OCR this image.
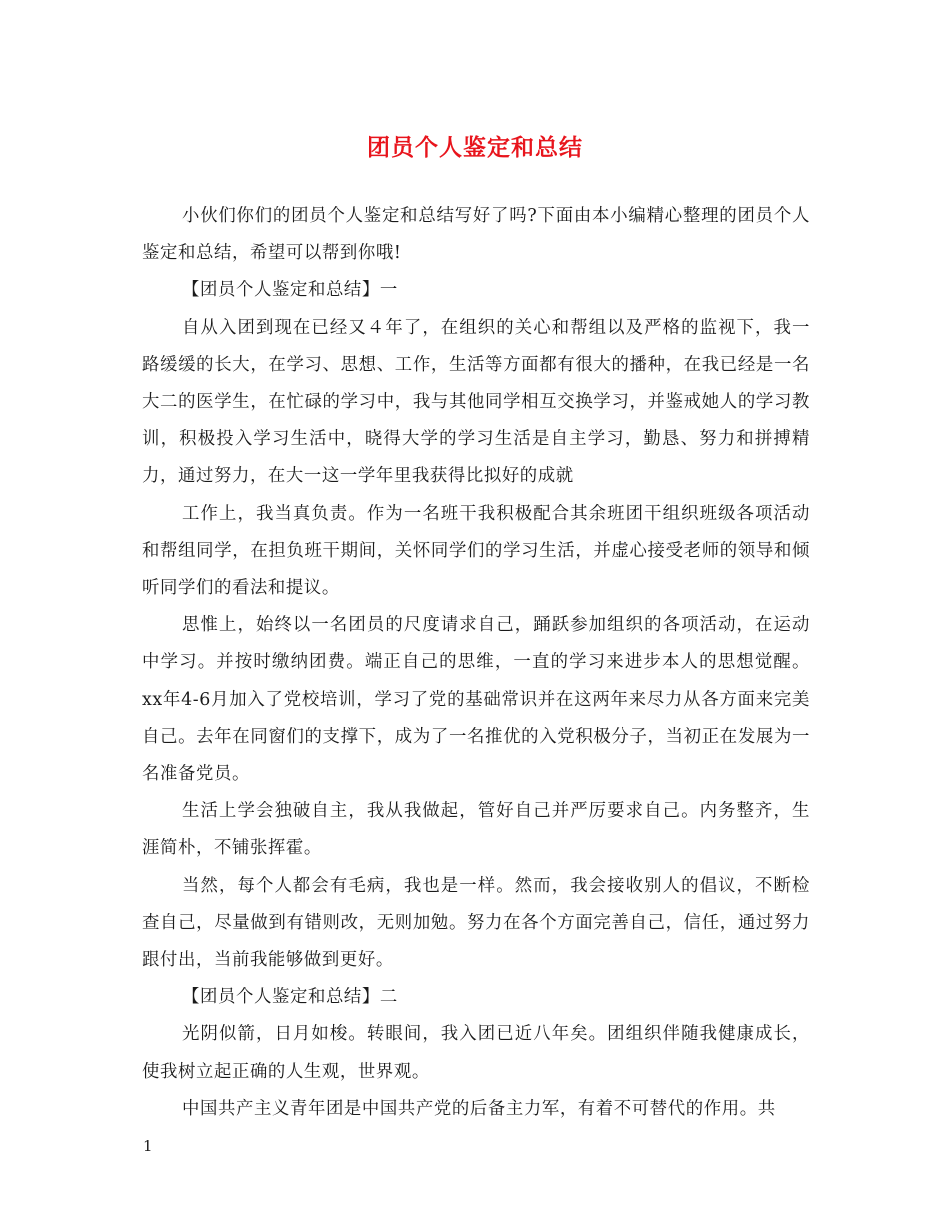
团员个人鉴定和总结

小伙们你们的团员个人鉴定和总结写好了吗?下面由本小编精心整理的团员个人鉴定和总结，希望可以帮到你哦!

【团员个人鉴定和总结】一

自从入团到现在已经又４年了，在组织的关心和帮组以及严格的监视下，我一路缓缓的长大，在学习、思想、工作，生活等方面都有很大的播种，在我已经是一名大二的医学生，在忙碌的学习中，我与其他同学相互交换学习，并鉴戒她人的学习教训，积极投入学习生活中，晓得大学的学习生活是自主学习，勤恳、努力和拼搏精力，通过努力，在大一这一学年里我获得比拟好的成就

工作上，我当真负责。作为一名班干我积极配合其余班团干组织班级各项活动和帮组同学，在担负班干期间，关怀同学们的学习生活，并虚心接受老师的领导和倾听同学们的看法和提议。

思惟上，始终以一名团员的尺度请求自己，踊跃参加组织的各项活动，在运动中学习。并按时缴纳团费。端正自己的思维，一直的学习来进步本人的思想觉醒。xx年4-6月加入了党校培训，学习了党的基础常识并在这两年来尽力从各方面来完美自己。去年在同窗们的支撑下，成为了一名推优的入党积极分子，当初正在发展为一名准备党员。

生活上学会独破自主，我从我做起，管好自己并严厉要求自己。内务整齐，生涯简朴，不铺张挥霍。

当然，每个人都会有毛病，我也是一样。然而，我会接收别人的倡议，不断检查自己，尽量做到有错则改，无则加勉。努力在各个方面完善自己，信任，通过努力跟付出，当前我能够做到更好。

【团员个人鉴定和总结】二

光阴似箭，日月如梭。转眼间，我入团已近八年矣。团组织伴随我健康成长，使我树立起正确的人生观，世界观。

中国共产主义青年团是中国共产党的后备主力军，有着不可替代的作用。共

1
